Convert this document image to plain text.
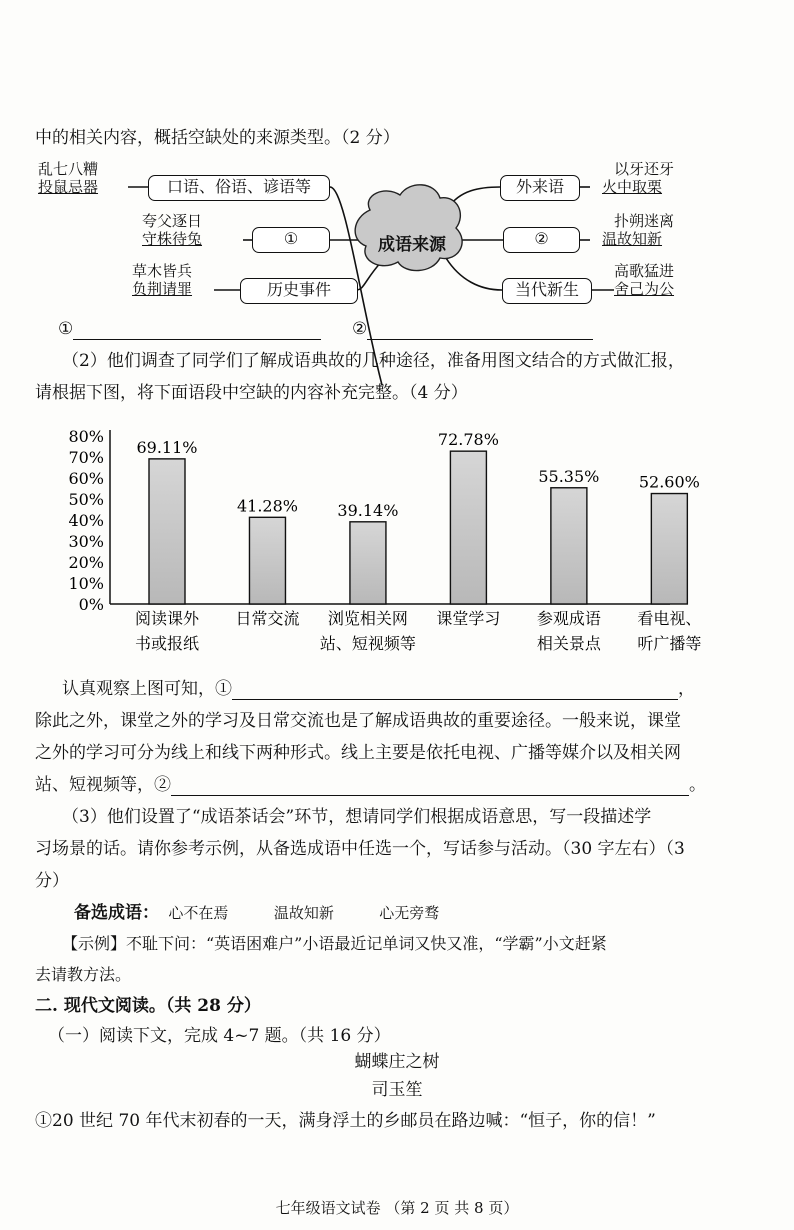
中的相关内容，概括空缺处的来源类型。（2 分）
成语来源
乱七八糟
投鼠忌器	口语、俗语、谚语等
夸父逐日
守株待兔	①
草木皆兵
负荆请罪	历史事件
外来语
以牙还牙
火中取栗
②
扑朔迷离
温故知新
当代新生
高歌猛进
舍己为公
①	②
（2）他们调查了同学们了解成语典故的几种途径，准备用图文结合的方式做汇报，
请根据下图，将下面语段中空缺的内容补充完整。（4 分）
0%
10%
20%
30%
40%
50%
60%
70%
80%
69.11%
阅读课外
书或报纸
41.28%
日常交流
39.14%
浏览相关网
站、短视频等
72.78%
课堂学习
55.35%
参观成语
相关景点
52.60%
看电视、
听广播等
认真观察上图可知，①	，
除此之外，课堂之外的学习及日常交流也是了解成语典故的重要途径。一般来说，课堂
之外的学习可分为线上和线下两种形式。线上主要是依托电视、广播等媒介以及相关网
站、短视频等，②	。
（3）他们设置了“成语茶话会”环节，想请同学们根据成语意思，写一段描述学
习场景的话。请你参考示例，从备选成语中任选一个，写话参与活动。（30 字左右）（3
分）
备选成语： 心不在焉	温故知新	心无旁骛
【示例】不耻下问：“英语困难户”小语最近记单词又快又准，“学霸”小文赶紧
去请教方法。
二. 现代文阅读。（共 28 分）
（一）阅读下文，完成 4~7 题。（共 16 分）
蝴蝶庄之树
司玉笙
①20 世纪 70 年代末初春的一天，满身浮土的乡邮员在路边喊：“恒子，你的信！”
七年级语文试卷 （第 2 页 共 8 页）
